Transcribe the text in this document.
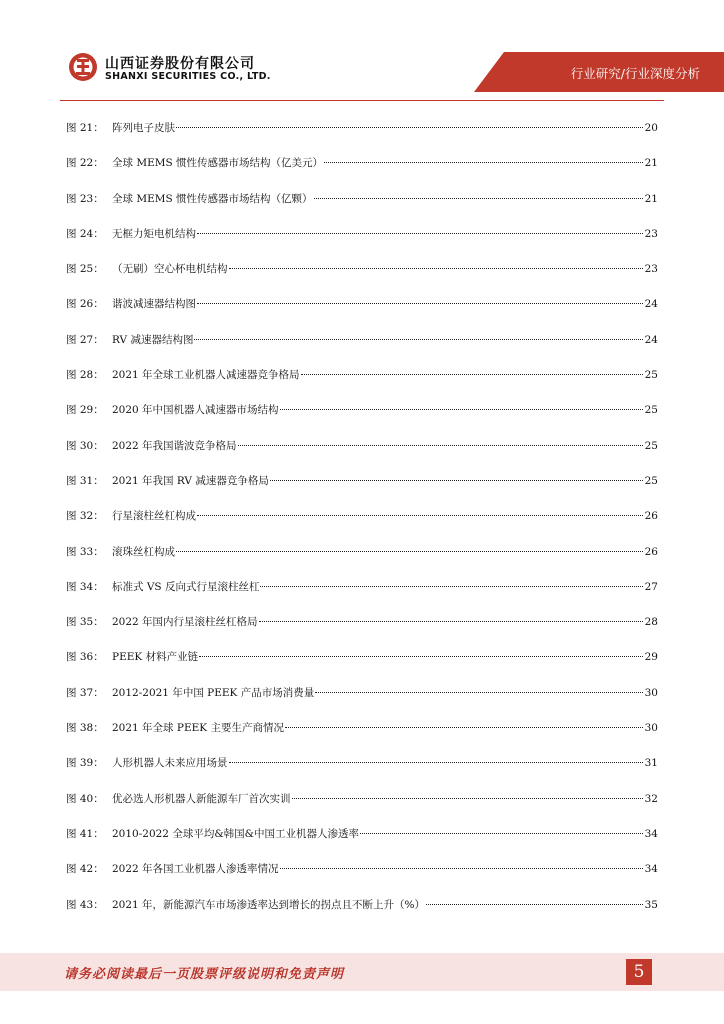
山西证券股份有限公司
SHANXI SECURITIES CO., LTD.	行业研究/行业深度分析
图 21： 阵列电子皮肤	20
图 22： 全球 MEMS 惯性传感器市场结构（亿美元）	21
图 23： 全球 MEMS 惯性传感器市场结构（亿颗）	21
图 24： 无框力矩电机结构	23
图 25： （无刷）空心杯电机结构	23
图 26： 谐波减速器结构图	24
图 27： RV 减速器结构图	24
图 28： 2021 年全球工业机器人减速器竞争格局	25
图 29： 2020 年中国机器人减速器市场结构	25
图 30： 2022 年我国谐波竞争格局	25
图 31： 2021 年我国 RV 减速器竞争格局	25
图 32： 行星滚柱丝杠构成	26
图 33： 滚珠丝杠构成	26
图 34： 标准式 VS 反向式行星滚柱丝杠	27
图 35： 2022 年国内行星滚柱丝杠格局	28
图 36： PEEK 材料产业链	29
图 37： 2012-2021 年中国 PEEK 产品市场消费量	30
图 38： 2021 年全球 PEEK 主要生产商情况	30
图 39： 人形机器人未来应用场景	31
图 40： 优必选人形机器人新能源车厂首次实训	32
图 41： 2010-2022 全球平均&韩国&中国工业机器人渗透率	34
图 42： 2022 年各国工业机器人渗透率情况	34
图 43： 2021 年，新能源汽车市场渗透率达到增长的拐点且不断上升（%）	35
请务必阅读最后一页股票评级说明和免责声明	5
